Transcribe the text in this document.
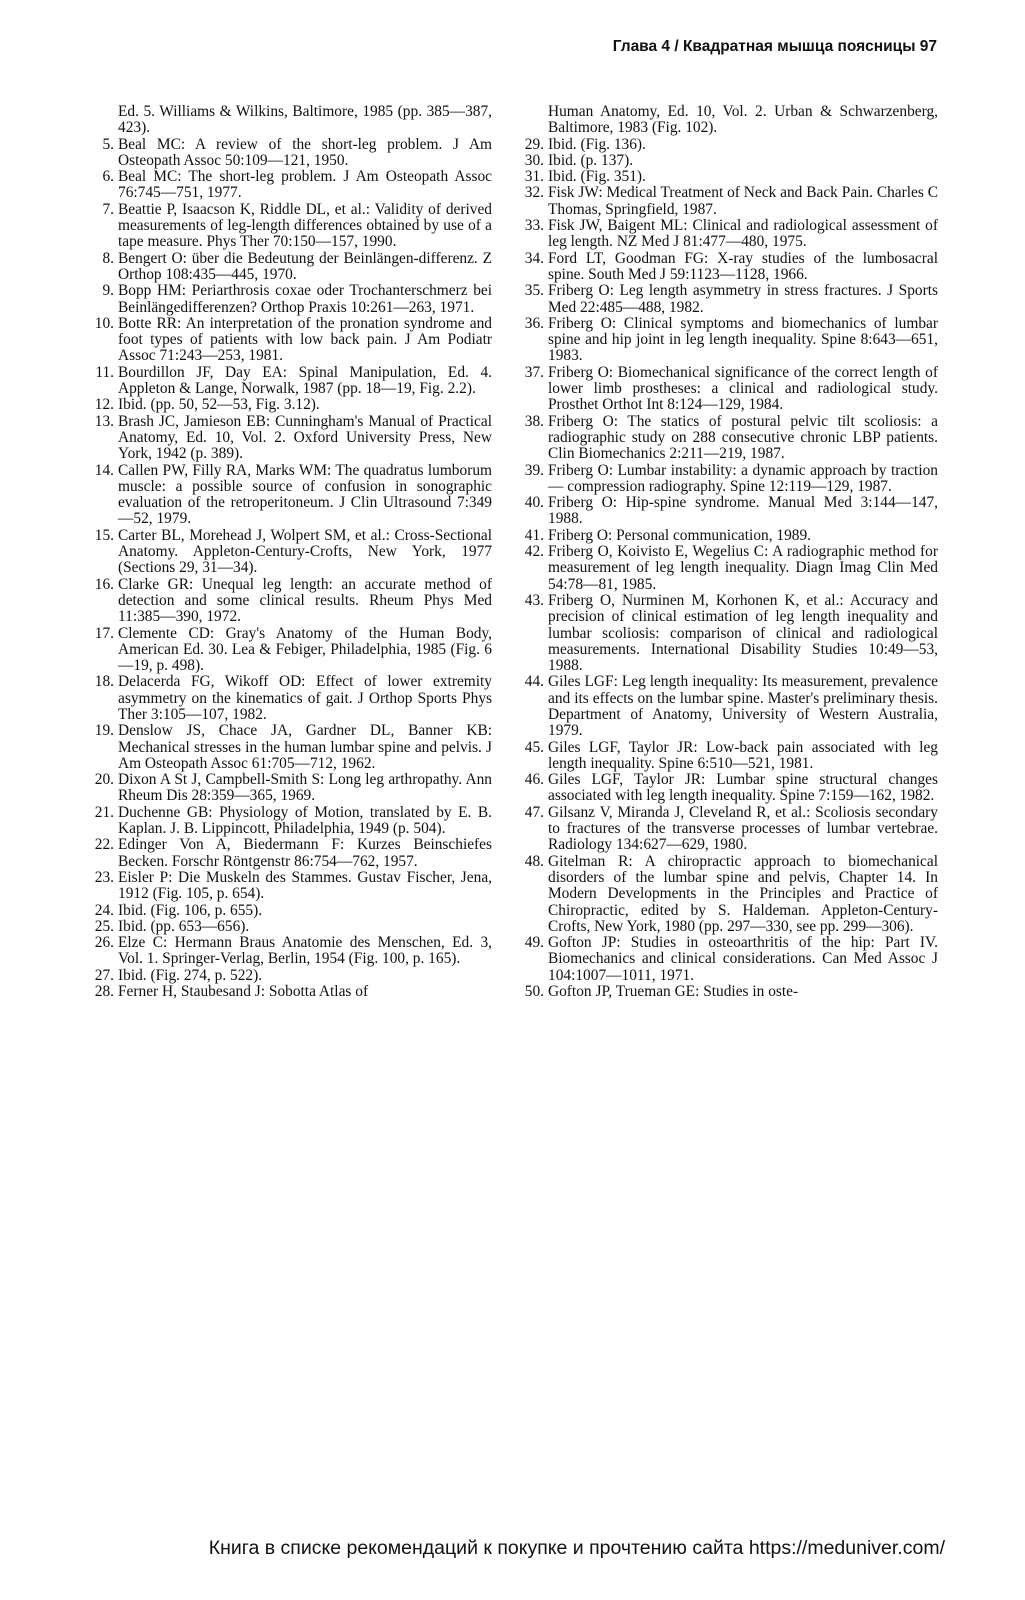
Глава 4 / Квадратная мышца поясницы 97
Ed. 5. Williams & Wilkins, Baltimore, 1985 (pp. 385—387, 423).
5. Beal MC: A review of the short-leg problem. J Am Osteopath Assoc 50:109—121, 1950.
6. Beal MC: The short-leg problem. J Am Osteopath Assoc 76:745—751, 1977.
7. Beattie P, Isaacson K, Riddle DL, et al.: Validity of derived measurements of leg-length differences obtained by use of a tape measure. Phys Ther 70:150—157, 1990.
8. Bengert O: über die Bedeutung der Beinlängen-differenz. Z Orthop 108:435—445, 1970.
9. Bopp HM: Periarthrosis coxae oder Trochanterschmerz bei Beinlängedifferenzen? Orthop Praxis 10:261—263, 1971.
10. Botte RR: An interpretation of the pronation syndrome and foot types of patients with low back pain. J Am Podiatr Assoc 71:243—253, 1981.
11. Bourdillon JF, Day EA: Spinal Manipulation, Ed. 4. Appleton & Lange, Norwalk, 1987 (pp. 18—19, Fig. 2.2).
12. Ibid. (pp. 50, 52—53, Fig. 3.12).
13. Brash JC, Jamieson EB: Cunningham's Manual of Practical Anatomy, Ed. 10, Vol. 2. Oxford University Press, New York, 1942 (p. 389).
14. Callen PW, Filly RA, Marks WM: The quadratus lumborum muscle: a possible source of confusion in sonographic evaluation of the retroperitoneum. J Clin Ultrasound 7:349—52, 1979.
15. Carter BL, Morehead J, Wolpert SM, et al.: Cross-Sectional Anatomy. Appleton-Century-Crofts, New York, 1977 (Sections 29, 31—34).
16. Clarke GR: Unequal leg length: an accurate method of detection and some clinical results. Rheum Phys Med 11:385—390, 1972.
17. Clemente CD: Gray's Anatomy of the Human Body, American Ed. 30. Lea & Febiger, Philadelphia, 1985 (Fig. 6—19, p. 498).
18. Delacerda FG, Wikoff OD: Effect of lower extremity asymmetry on the kinematics of gait. J Orthop Sports Phys Ther 3:105—107, 1982.
19. Denslow JS, Chace JA, Gardner DL, Banner KB: Mechanical stresses in the human lumbar spine and pelvis. J Am Osteopath Assoc 61:705—712, 1962.
20. Dixon A St J, Campbell-Smith S: Long leg arthropathy. Ann Rheum Dis 28:359—365, 1969.
21. Duchenne GB: Physiology of Motion, translated by E. B. Kaplan. J. B. Lippincott, Philadelphia, 1949 (p. 504).
22. Edinger Von A, Biedermann F: Kurzes Beinschiefes Becken. Forschr Röntgenstr 86:754—762, 1957.
23. Eisler P: Die Muskeln des Stammes. Gustav Fischer, Jena, 1912 (Fig. 105, p. 654).
24. Ibid. (Fig. 106, p. 655).
25. Ibid. (pp. 653—656).
26. Elze C: Hermann Braus Anatomie des Menschen, Ed. 3, Vol. 1. Springer-Verlag, Berlin, 1954 (Fig. 100, p. 165).
27. Ibid. (Fig. 274, p. 522).
28. Ferner H, Staubesand J: Sobotta Atlas of
Human Anatomy, Ed. 10, Vol. 2. Urban & Schwarzenberg, Baltimore, 1983 (Fig. 102).
29. Ibid. (Fig. 136).
30. Ibid. (p. 137).
31. Ibid. (Fig. 351).
32. Fisk JW: Medical Treatment of Neck and Back Pain. Charles C Thomas, Springfield, 1987.
33. Fisk JW, Baigent ML: Clinical and radiological assessment of leg length. NZ Med J 81:477—480, 1975.
34. Ford LT, Goodman FG: X-ray studies of the lumbosacral spine. South Med J 59:1123—1128, 1966.
35. Friberg O: Leg length asymmetry in stress fractures. J Sports Med 22:485—488, 1982.
36. Friberg O: Clinical symptoms and biomechanics of lumbar spine and hip joint in leg length inequality. Spine 8:643—651, 1983.
37. Friberg O: Biomechanical significance of the correct length of lower limb prostheses: a clinical and radiological study. Prosthet Orthot Int 8:124—129, 1984.
38. Friberg O: The statics of postural pelvic tilt scoliosis: a radiographic study on 288 consecutive chronic LBP patients. Clin Biomechanics 2:211—219, 1987.
39. Friberg O: Lumbar instability: a dynamic approach by traction — compression radiography. Spine 12:119—129, 1987.
40. Friberg O: Hip-spine syndrome. Manual Med 3:144—147, 1988.
41. Friberg O: Personal communication, 1989.
42. Friberg O, Koivisto E, Wegelius C: A radiographic method for measurement of leg length inequality. Diagn Imag Clin Med 54:78—81, 1985.
43. Friberg O, Nurminen M, Korhonen K, et al.: Accuracy and precision of clinical estimation of leg length inequality and lumbar scoliosis: comparison of clinical and radiological measurements. International Disability Studies 10:49—53, 1988.
44. Giles LGF: Leg length inequality: Its measurement, prevalence and its effects on the lumbar spine. Master's preliminary thesis. Department of Anatomy, University of Western Australia, 1979.
45. Giles LGF, Taylor JR: Low-back pain associated with leg length inequality. Spine 6:510—521, 1981.
46. Giles LGF, Taylor JR: Lumbar spine structural changes associated with leg length inequality. Spine 7:159—162, 1982.
47. Gilsanz V, Miranda J, Cleveland R, et al.: Scoliosis secondary to fractures of the transverse processes of lumbar vertebrae. Radiology 134:627—629, 1980.
48. Gitelman R: A chiropractic approach to biomechanical disorders of the lumbar spine and pelvis, Chapter 14. In Modern Developments in the Principles and Practice of Chiropractic, edited by S. Haldeman. Appleton-Century-Crofts, New York, 1980 (pp. 297—330, see pp. 299—306).
49. Gofton JP: Studies in osteoarthritis of the hip: Part IV. Biomechanics and clinical considerations. Can Med Assoc J 104:1007—1011, 1971.
50. Gofton JP, Trueman GE: Studies in oste-
Книга в списке рекомендаций к покупке и прочтению сайта https://meduniver.com/
